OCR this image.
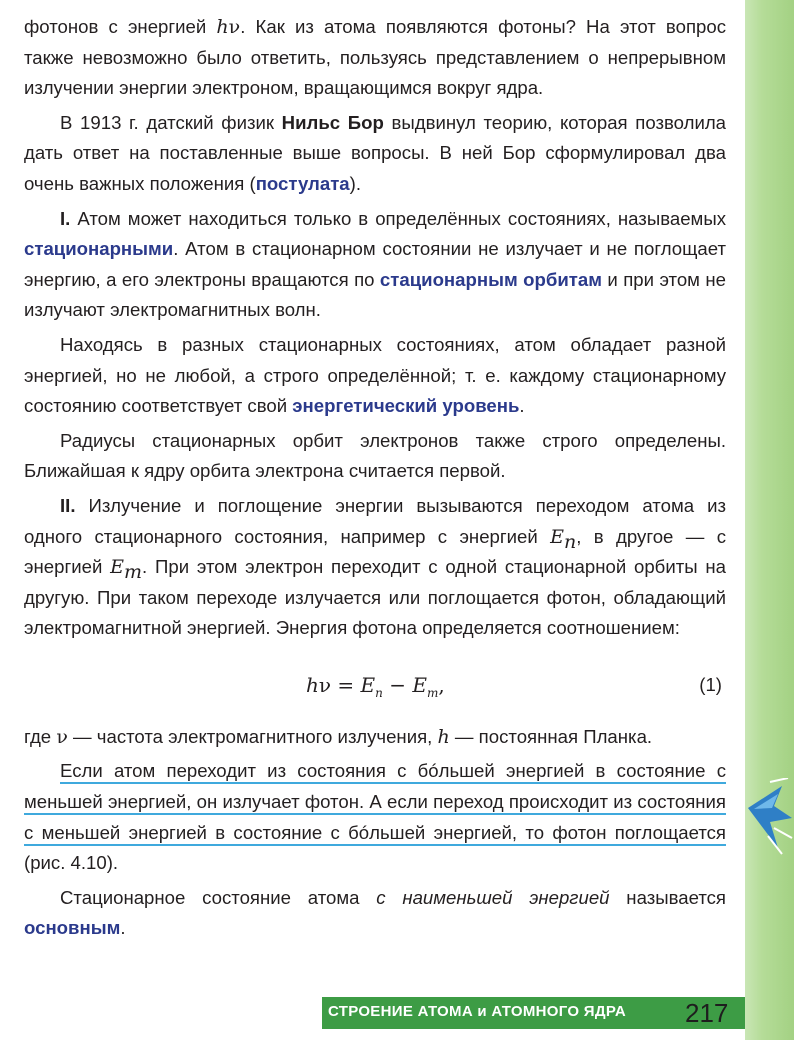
фотонов с энергией hν. Как из атома появляются фотоны? На этот вопрос также невозможно было ответить, пользуясь представлением о непрерывном излучении энергии электроном, вращающимся вокруг ядра.

В 1913 г. датский физик Нильс Бор выдвинул теорию, которая позволила дать ответ на поставленные выше вопросы. В ней Бор сформулировал два очень важных положения (постулата).

I. Атом может находиться только в определённых состояниях, называемых стационарными. Атом в стационарном состоянии не излучает и не поглощает энергию, а его электроны вращаются по стационарным орбитам и при этом не излучают электромагнитных волн.

Находясь в разных стационарных состояниях, атом обладает разной энергией, но не любой, а строго определённой; т. е. каждому стационарному состоянию соответствует свой энергетический уровень.

Радиусы стационарных орбит электронов также строго определены. Ближайшая к ядру орбита электрона считается первой.

II. Излучение и поглощение энергии вызываются переходом атома из одного стационарного состояния, например с энергией $E_n$, в другое — с энергией $E_m$. При этом электрон переходит с одной стационарной орбиты на другую. При таком переходе излучается или поглощается фотон, обладающий электромагнитной энергией. Энергия фотона определяется соотношением:

$h\nu = E_n - E_m$,	(1)

где ν — частота электромагнитного излучения, h — постоянная Планка.

Если атом переходит из состояния с бóльшей энергией в состояние с меньшей энергией, он излучает фотон. А если переход происходит из состояния с меньшей энергией в состояние с бóльшей энергией, то фотон поглощается (рис. 4.10).

Стационарное состояние атома с наименьшей энергией называется основным.

СТРОЕНИЕ АТОМА и АТОМНОГО ЯДРА 217
